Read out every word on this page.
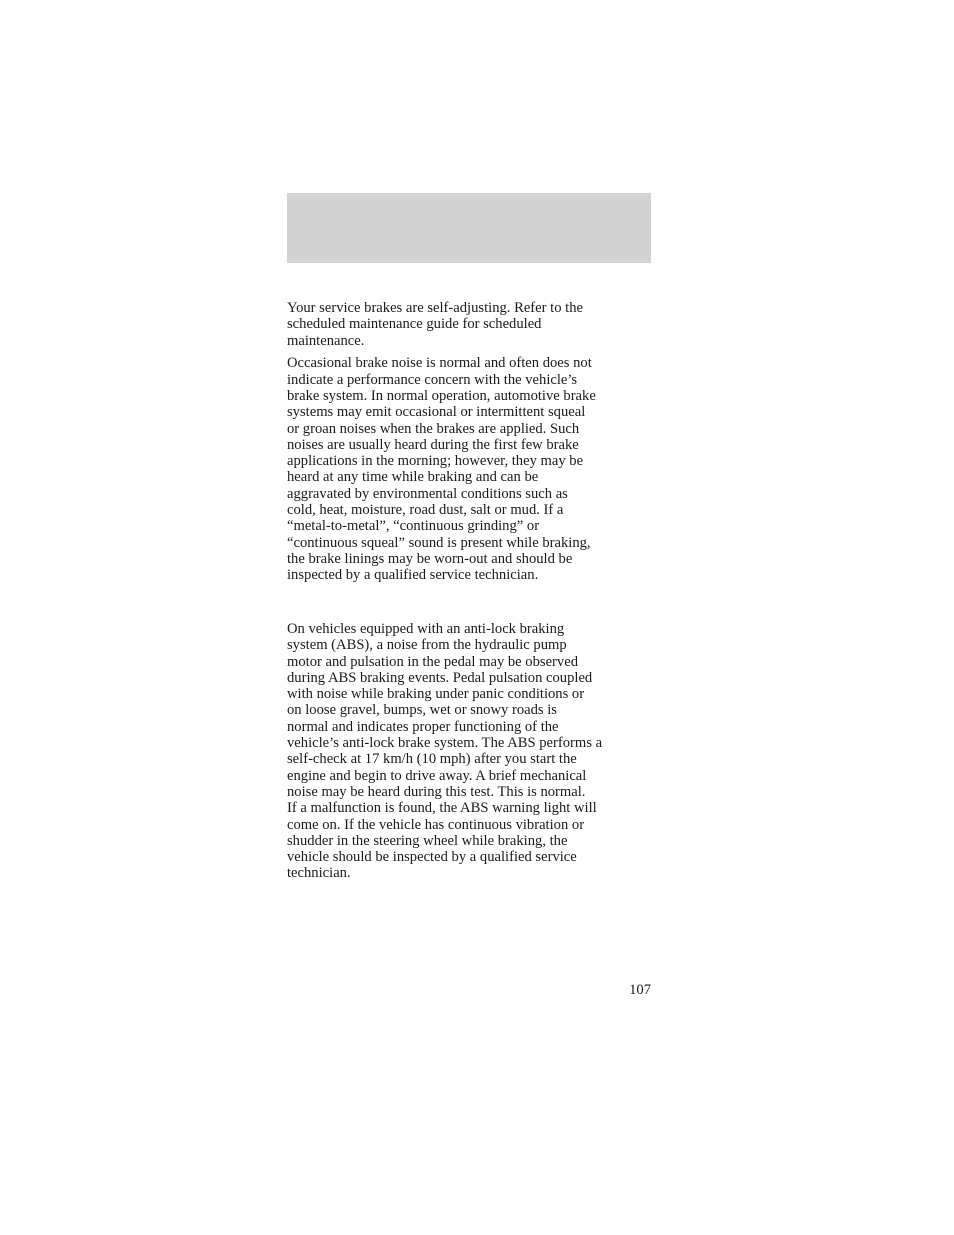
Your service brakes are self-adjusting. Refer to the
scheduled maintenance guide for scheduled
maintenance.

Occasional brake noise is normal and often does not
indicate a performance concern with the vehicle’s
brake system. In normal operation, automotive brake
systems may emit occasional or intermittent squeal
or groan noises when the brakes are applied. Such
noises are usually heard during the first few brake
applications in the morning; however, they may be
heard at any time while braking and can be
aggravated by environmental conditions such as
cold, heat, moisture, road dust, salt or mud. If a
“metal-to-metal”, “continuous grinding” or
“continuous squeal” sound is present while braking,
the brake linings may be worn-out and should be
inspected by a qualified service technician.

On vehicles equipped with an anti-lock braking
system (ABS), a noise from the hydraulic pump
motor and pulsation in the pedal may be observed
during ABS braking events. Pedal pulsation coupled
with noise while braking under panic conditions or
on loose gravel, bumps, wet or snowy roads is
normal and indicates proper functioning of the
vehicle’s anti-lock brake system. The ABS performs a
self-check at 17 km/h (10 mph) after you start the
engine and begin to drive away. A brief mechanical
noise may be heard during this test. This is normal.
If a malfunction is found, the ABS warning light will
come on. If the vehicle has continuous vibration or
shudder in the steering wheel while braking, the
vehicle should be inspected by a qualified service
technician.

107
